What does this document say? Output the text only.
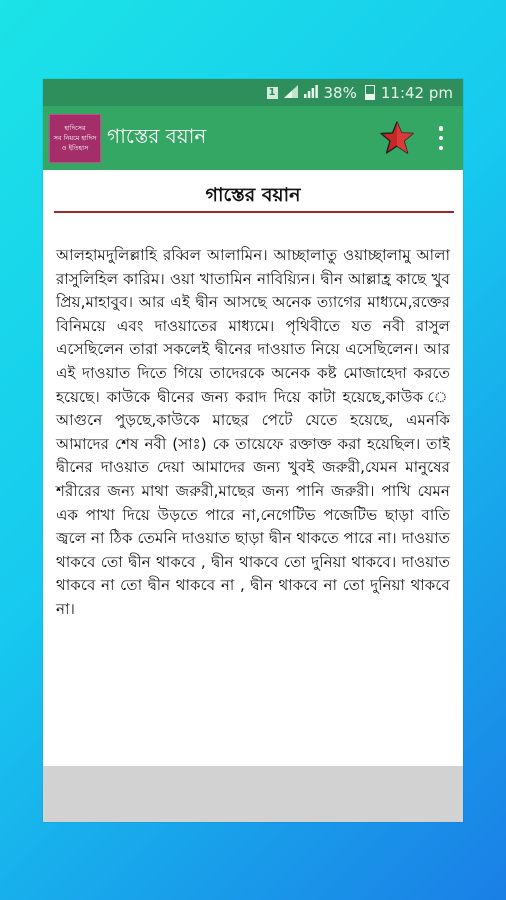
1	38% 11:42 pm
হাদিসের
সব নিয়মে হাদিস
ও ইতিহাস
গাস্তের বয়ান
গাস্তের বয়ান
আলহামদুলিল্লাহি রব্বিল আলামিন। আচ্ছালাতু ওয়াচ্ছালামু আলা রাসুলিহিল কারিম। ওয়া খাতামিন নাবিয়্যিন। দ্বীন আল্লাহ্র কাছে খুব প্রিয়,মাহাবুব। আর এই দ্বীন আসছে অনেক ত্যাগের মাধ্যমে,রক্তের বিনিময়ে এবং দাওয়াতের মাধ্যমে। পৃথিবীতে যত নবী রাসুল এসেছিলেন তারা সকলেই দ্বীনের দাওয়াত নিয়ে এসেছিলেন। আর এই দাওয়াত দিতে গিয়ে তাদেরকে অনেক কষ্ট মোজাহেদা করতে হয়েছে। কাউকে দ্বীনের জন্য করাদ দিয়ে কাটা হয়েছে,কাউক ে আগুনে পুড়ছে,কাউকে মাছের পেটে যেতে হয়েছে, এমনকি আমাদের শেষ নবী (সাঃ) কে তায়েফে রক্তাক্ত করা হয়েছিল। তাই দ্বীনের দাওয়াত দেয়া আমাদের জন্য খুবই জরুরী,যেমন মানুষের শরীরের জন্য মাথা জরুরী,মাছের জন্য পানি জরুরী। পাখি যেমন এক পাখা দিয়ে উড়তে পারে না,নেগেটিভ পজেটিভ ছাড়া বাতি জ্বলে না ঠিক তেমনি দাওয়াত ছাড়া দ্বীন থাকতে পারে না। দাওয়াত থাকবে তো দ্বীন থাকবে , দ্বীন থাকবে তো দুনিয়া থাকবে। দাওয়াত থাকবে না তো দ্বীন থাকবে না , দ্বীন থাকবে না তো দুনিয়া থাকবে না।
